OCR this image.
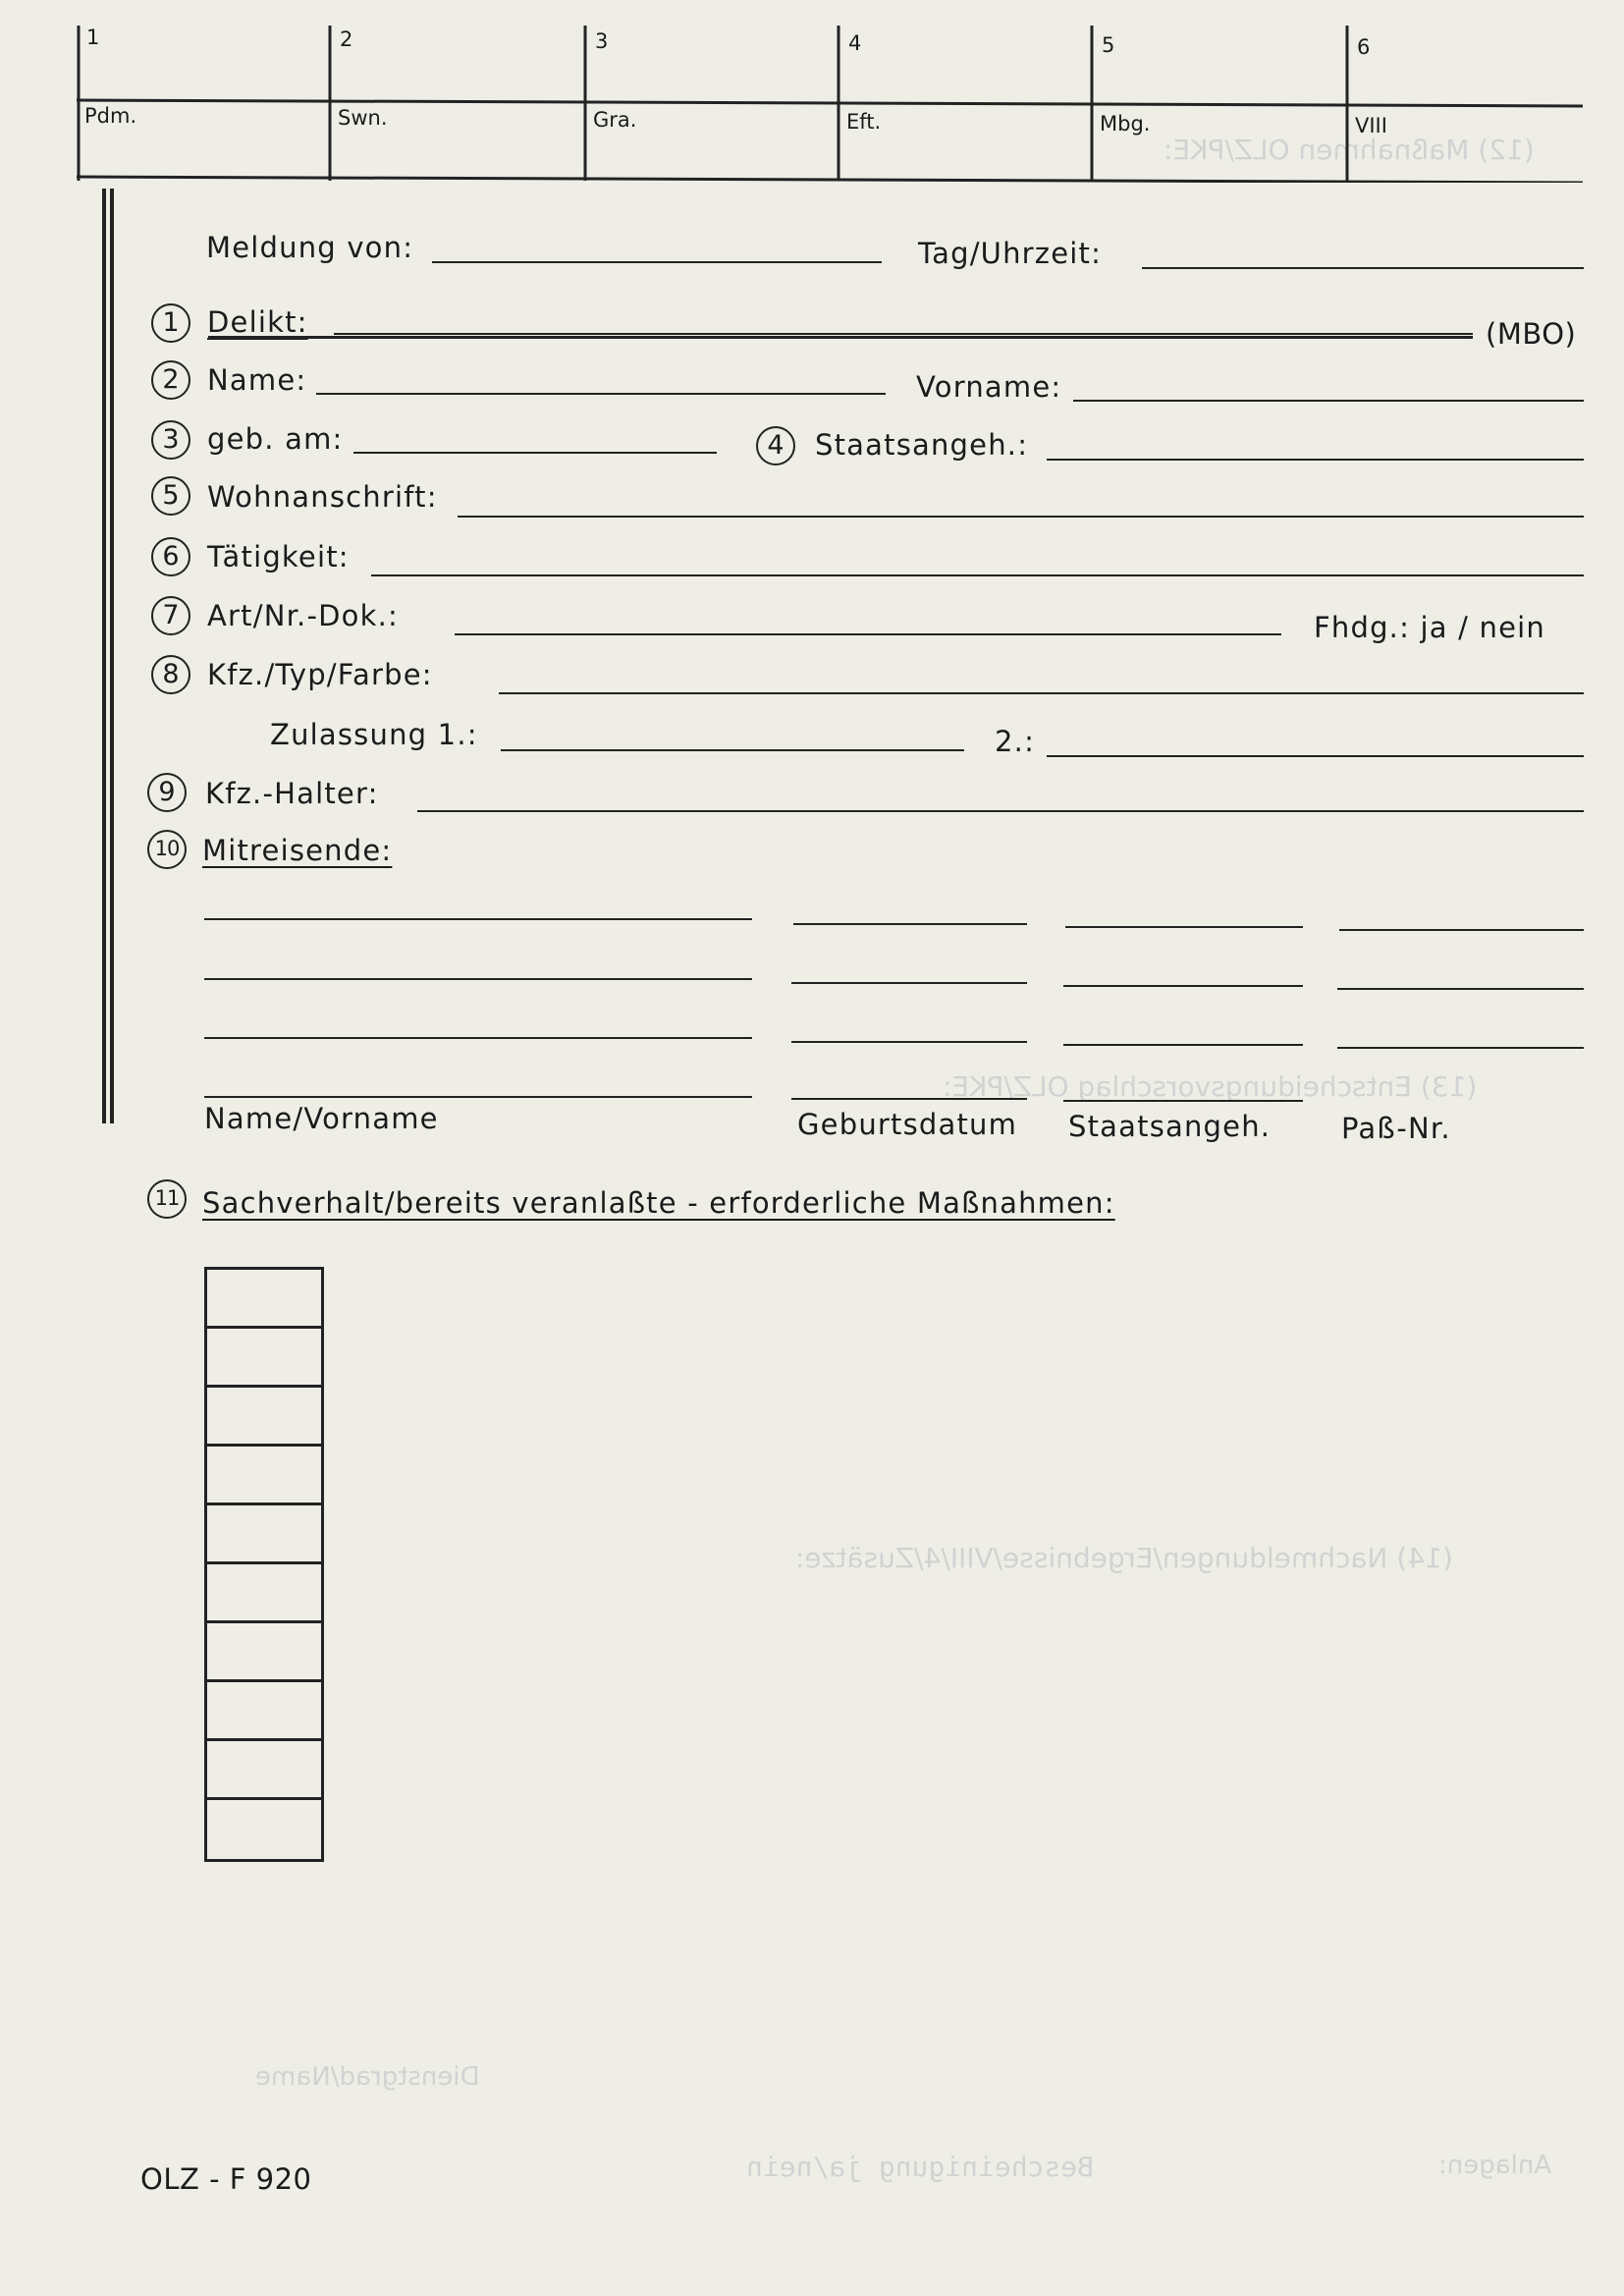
(12) Maßnahmen OLZ/PKE:
(13) Entscheidungsvorschlag OLZ/PKE:
(14) Nachmeldungen/Ergebnisse/VIII/4/Zusätze:
Dienstgrad/Name
Bescheinigung ja/nein	Anlagen:
1	2	3	4	5	6
Pdm.	Swn.	Gra.	Eft.	Mbg.	VIII
Meldung von:	Tag/Uhrzeit:
1 Delikt:	(MBO)
2 Name:	Vorname:
3 geb. am:	4	Staatsangeh.:
5 Wohnanschrift:
6 Tätigkeit:
7 Art/Nr.-Dok.:	Fhdg.: ja / nein
8 Kfz./Typ/Farbe:
Zulassung 1.:	2.:
9	Kfz.-Halter:
10 Mitreisende:
Name/Vorname	Geburtsdatum Staatsangeh. Paß-Nr.
11 Sachverhalt/bereits veranlaßte - erforderliche Maßnahmen:
OLZ - F 920
